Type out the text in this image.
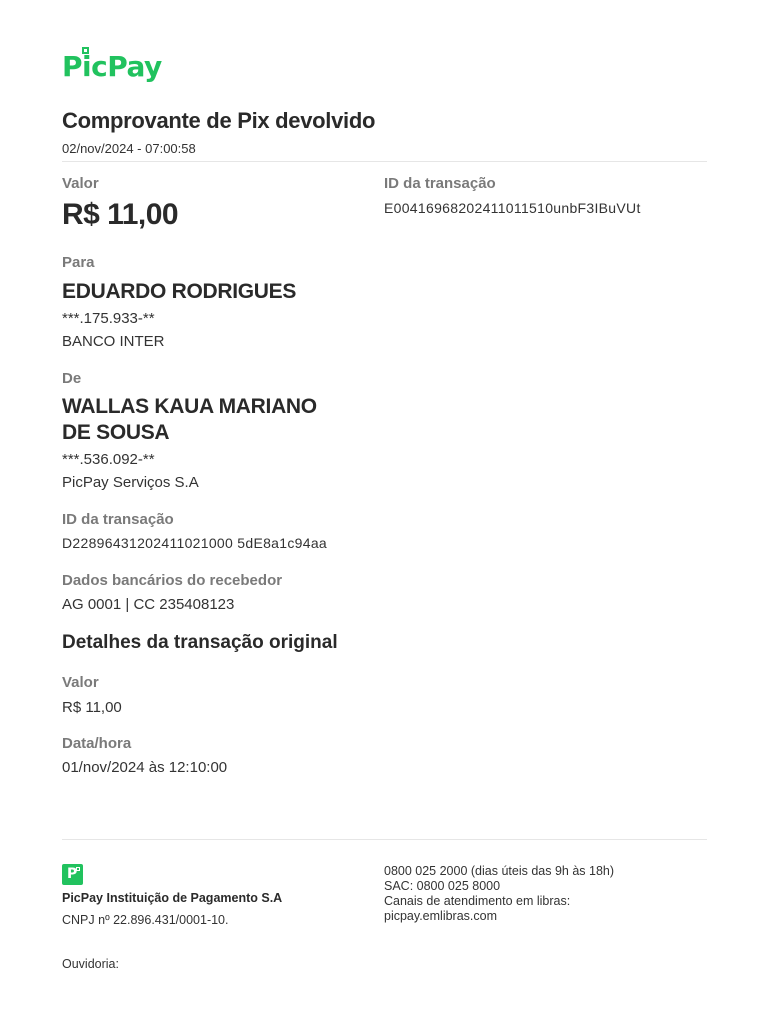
PicPay
Comprovante de Pix devolvido
02/nov/2024 - 07:00:58
Valor
R$ 11,00
ID da transação
E00416968202411011510unbF3IBuVUt
Para
EDUARDO RODRIGUES
***.175.933-**
BANCO INTER
De
WALLAS KAUA MARIANO
DE SOUSA
***.536.092-**
PicPay Serviços S.A
ID da transação
D22896431202411021000 5dE8a1c94aa
Dados bancários do recebedor
AG 0001 | CC 235408123
Detalhes da transação original
Valor
R$ 11,00
Data/hora
01/nov/2024 às 12:10:00
P
PicPay Instituição de Pagamento S.A
CNPJ nº 22.896.431/0001-10.
Ouvidoria:
0800 025 2000 (dias úteis das 9h às 18h)
SAC: 0800 025 8000
Canais de atendimento em libras:
picpay.emlibras.com
